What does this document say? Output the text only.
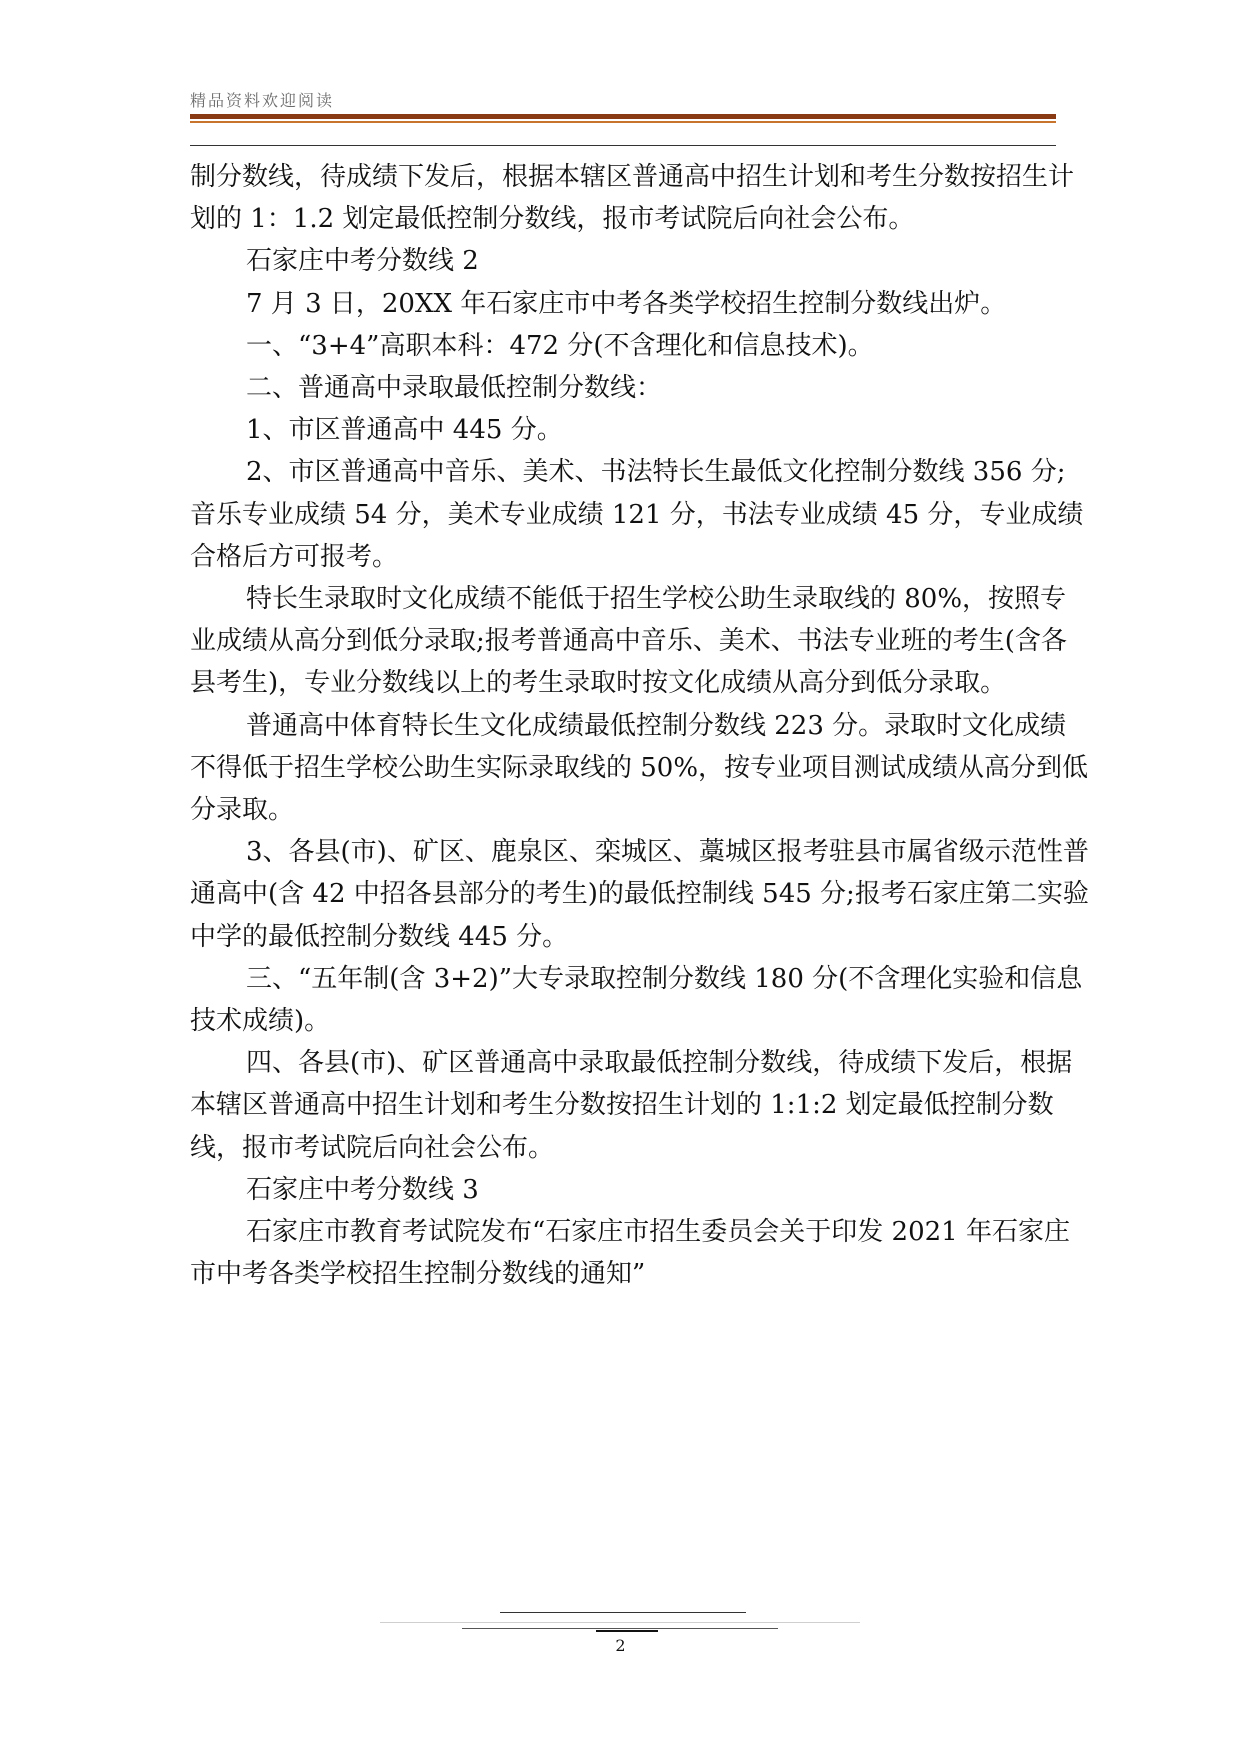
精品资料欢迎阅读

制分数线，待成绩下发后，根据本辖区普通高中招生计划和考生分数按招生计划的 1：1.2 划定最低控制分数线，报市考试院后向社会公布。

石家庄中考分数线 2

7 月 3 日，20XX 年石家庄市中考各类学校招生控制分数线出炉。

一、“3+4”高职本科：472 分(不含理化和信息技术)。

二、普通高中录取最低控制分数线：

1、市区普通高中 445 分。

2、市区普通高中音乐、美术、书法特长生最低文化控制分数线 356 分;音乐专业成绩 54 分，美术专业成绩 121 分，书法专业成绩 45 分，专业成绩合格后方可报考。

特长生录取时文化成绩不能低于招生学校公助生录取线的 80%，按照专业成绩从高分到低分录取;报考普通高中音乐、美术、书法专业班的考生(含各县考生)，专业分数线以上的考生录取时按文化成绩从高分到低分录取。

普通高中体育特长生文化成绩最低控制分数线 223 分。录取时文化成绩不得低于招生学校公助生实际录取线的 50%，按专业项目测试成绩从高分到低分录取。

3、各县(市)、矿区、鹿泉区、栾城区、藁城区报考驻县市属省级示范性普通高中(含 42 中招各县部分的考生)的最低控制线 545 分;报考石家庄第二实验中学的最低控制分数线 445 分。

三、“五年制(含 3+2)”大专录取控制分数线 180 分(不含理化实验和信息技术成绩)。

四、各县(市)、矿区普通高中录取最低控制分数线，待成绩下发后，根据本辖区普通高中招生计划和考生分数按招生计划的 1:1:2 划定最低控制分数线，报市考试院后向社会公布。

石家庄中考分数线 3

石家庄市教育考试院发布“石家庄市招生委员会关于印发 2021 年石家庄市中考各类学校招生控制分数线的通知”

2
